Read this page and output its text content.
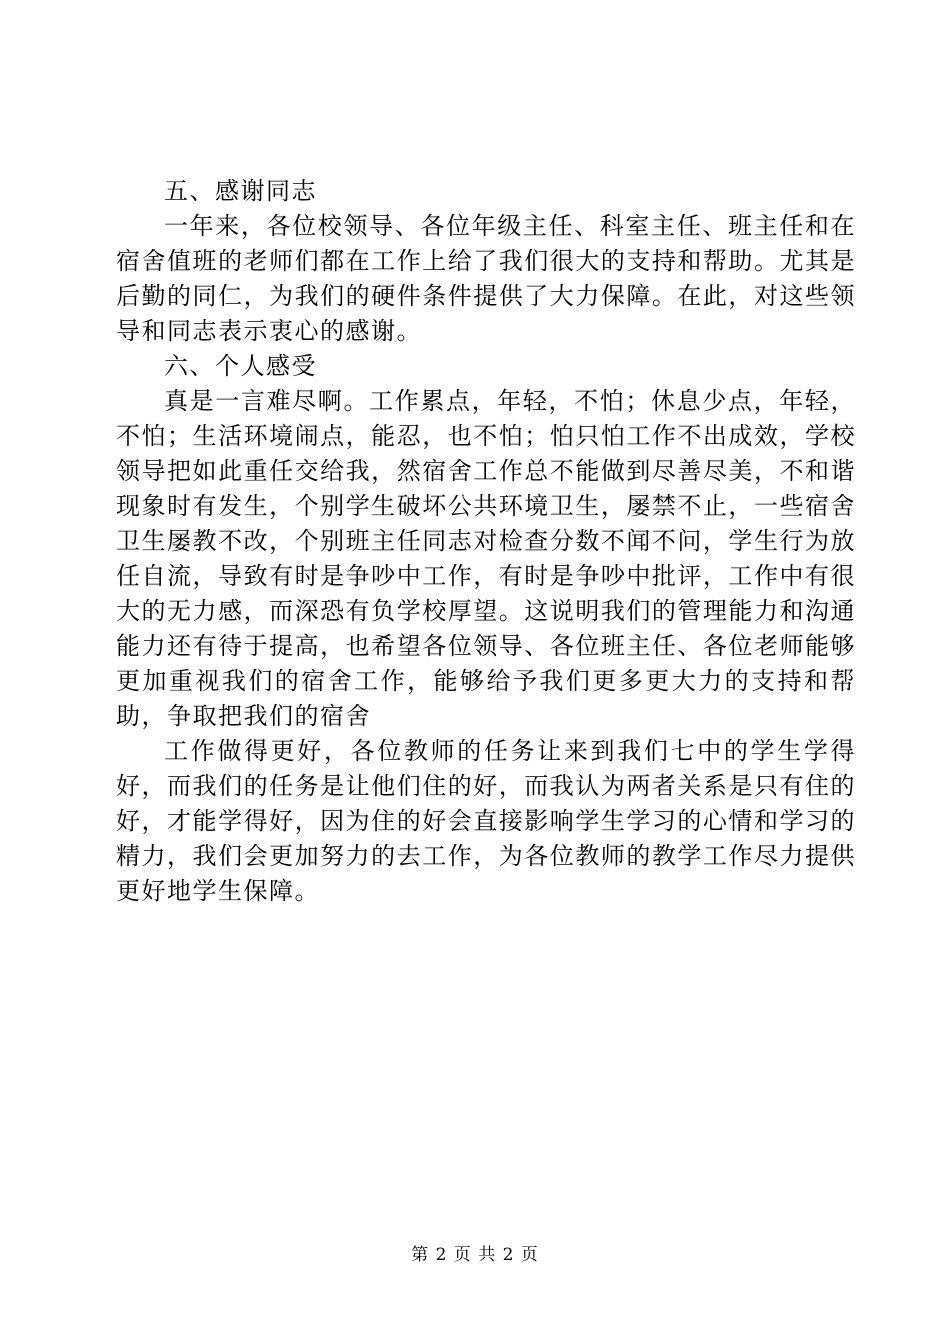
五、感谢同志

一年来，各位校领导、各位年级主任、科室主任、班主任和在宿舍值班的老师们都在工作上给了我们很大的支持和帮助。尤其是后勤的同仁，为我们的硬件条件提供了大力保障。在此，对这些领导和同志表示衷心的感谢。

六、个人感受

真是一言难尽啊。工作累点，年轻，不怕；休息少点，年轻，不怕；生活环境闹点，能忍，也不怕；怕只怕工作不出成效，学校领导把如此重任交给我，然宿舍工作总不能做到尽善尽美，不和谐现象时有发生，个别学生破坏公共环境卫生，屡禁不止，一些宿舍卫生屡教不改，个别班主任同志对检查分数不闻不问，学生行为放任自流，导致有时是争吵中工作，有时是争吵中批评，工作中有很大的无力感，而深恐有负学校厚望。这说明我们的管理能力和沟通能力还有待于提高，也希望各位领导、各位班主任、各位老师能够更加重视我们的宿舍工作，能够给予我们更多更大力的支持和帮助，争取把我们的宿舍

工作做得更好，各位教师的任务让来到我们七中的学生学得好，而我们的任务是让他们住的好，而我认为两者关系是只有住的好，才能学得好，因为住的好会直接影响学生学习的心情和学习的精力，我们会更加努力的去工作，为各位教师的教学工作尽力提供更好地学生保障。

第 2 页 共 2 页
